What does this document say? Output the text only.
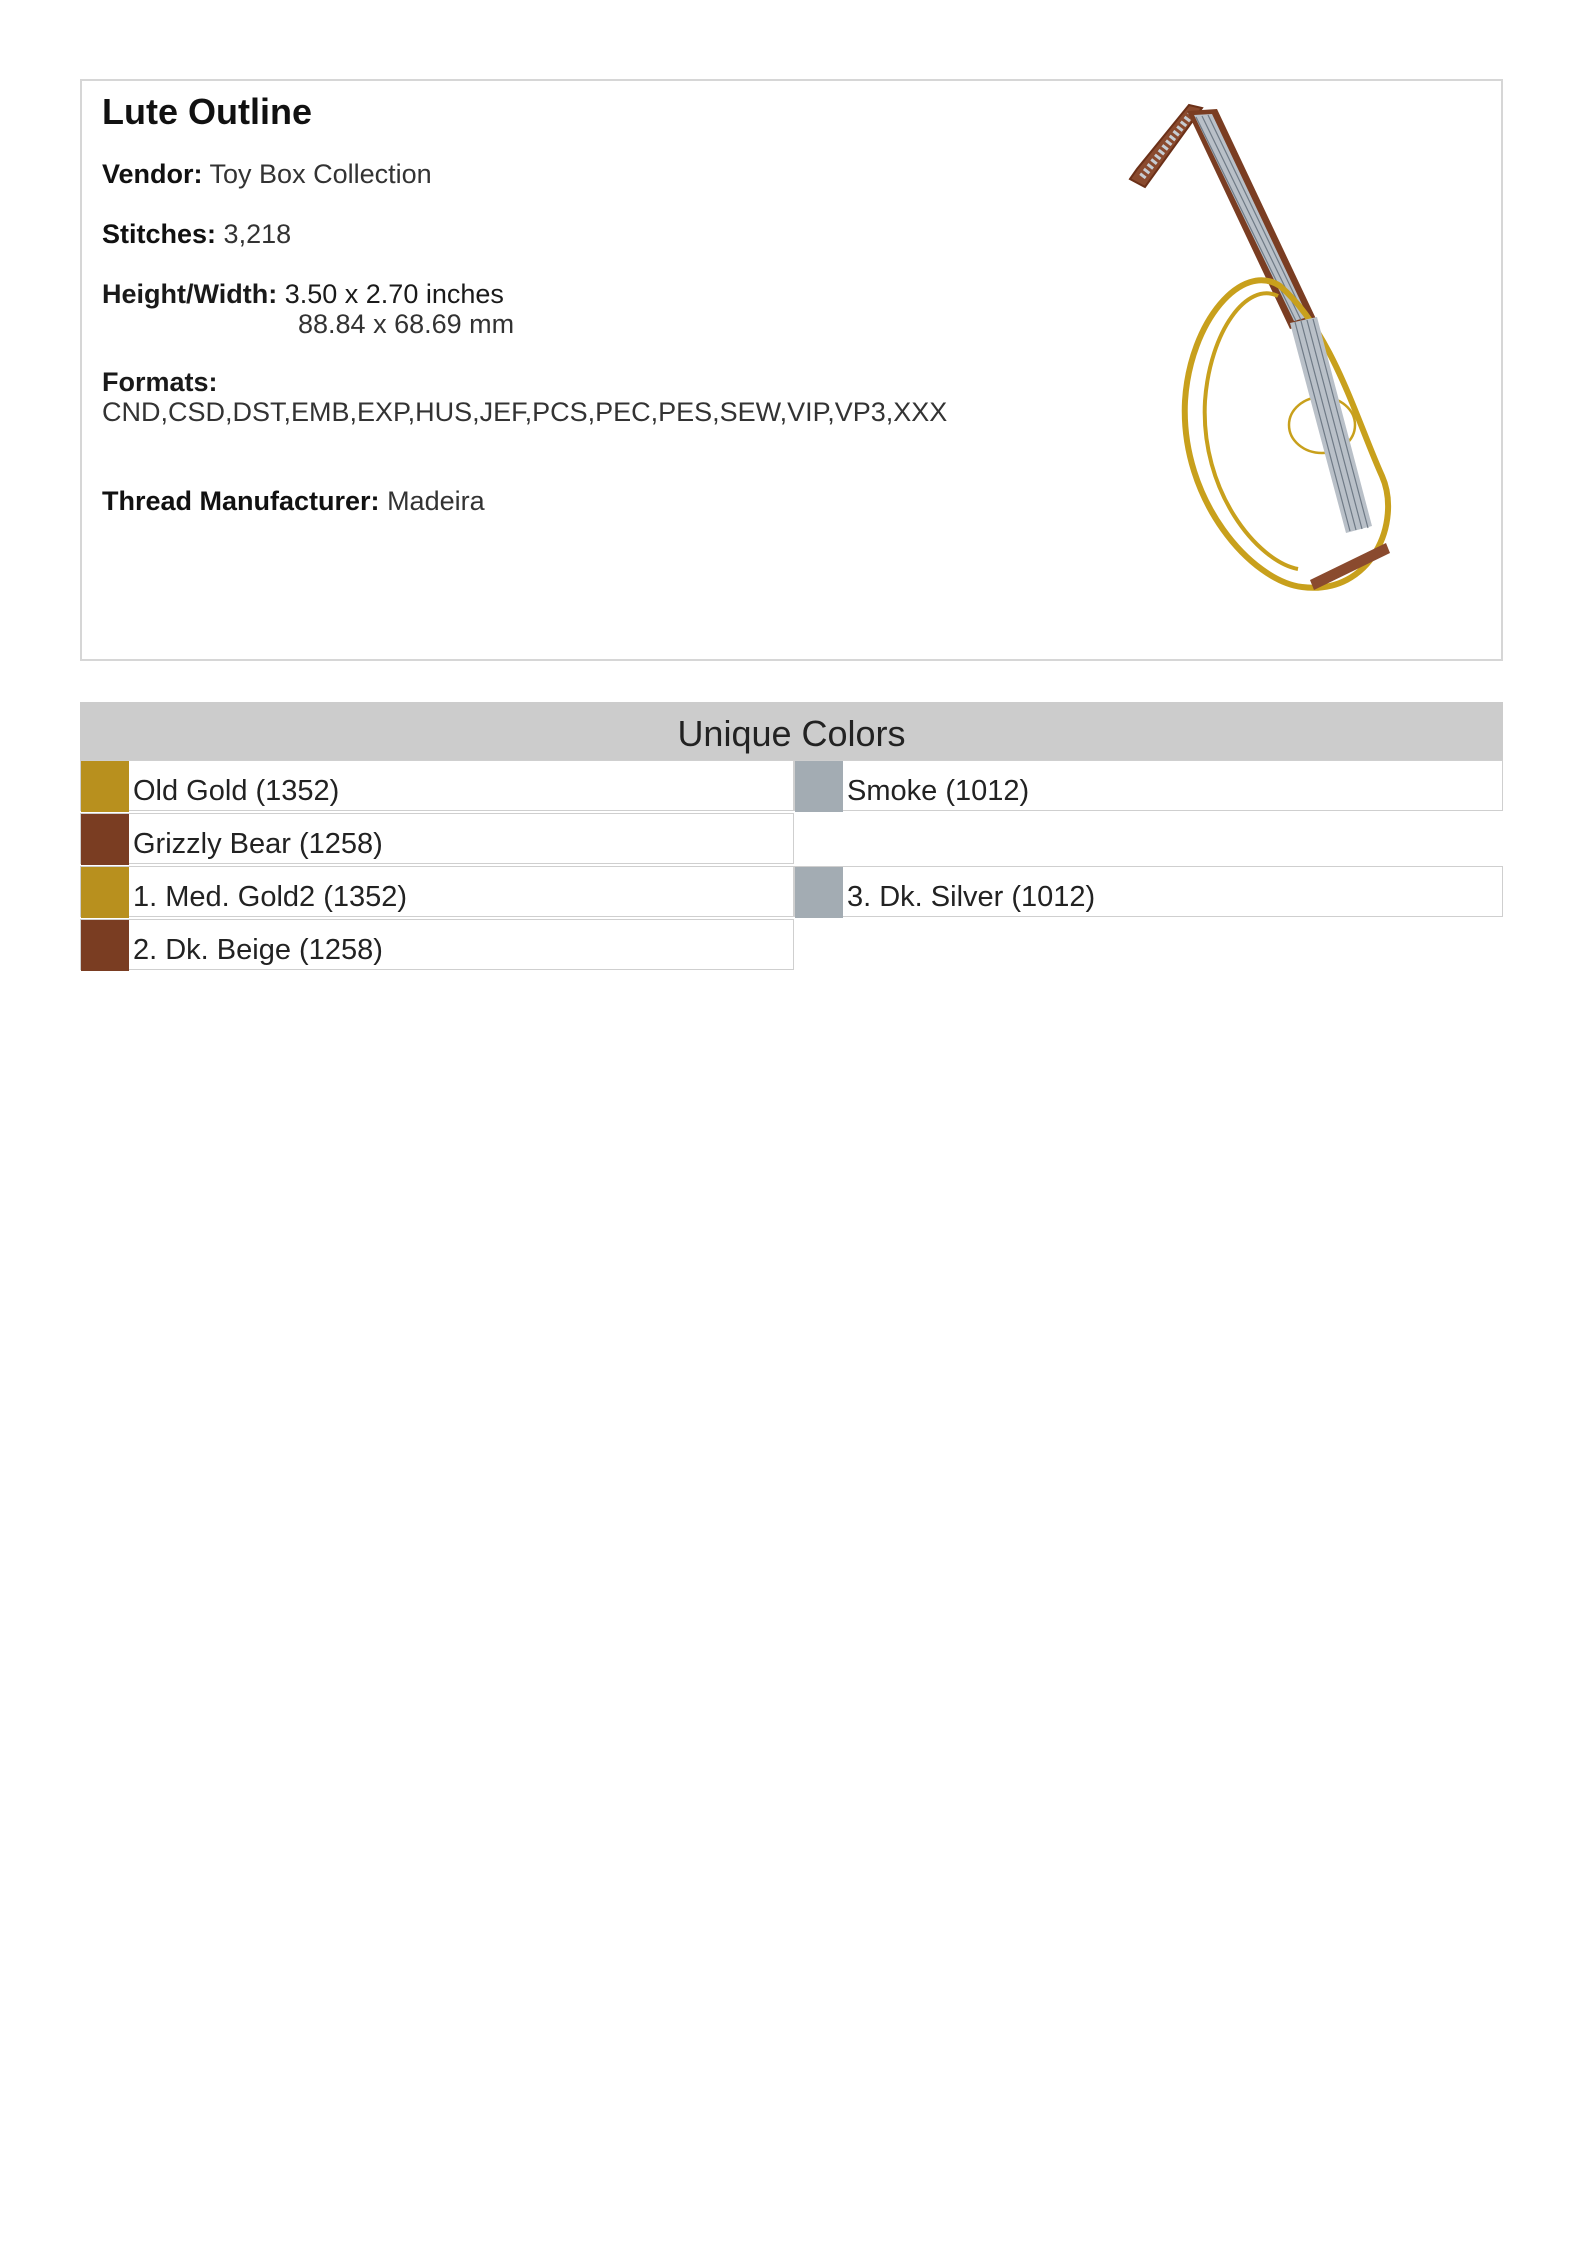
Lute Outline
Vendor: Toy Box Collection
Stitches: 3,218
Height/Width: 3.50 x 2.70 inches
88.84 x 68.69 mm
Formats:
CND,CSD,DST,EMB,EXP,HUS,JEF,PCS,PEC,PES,SEW,VIP,VP3,XXX
Thread Manufacturer: Madeira
Unique Colors
Old Gold (1352)	Smoke (1012)
Grizzly Bear (1258)
1. Med. Gold2 (1352)	3. Dk. Silver (1012)
2. Dk. Beige (1258)
